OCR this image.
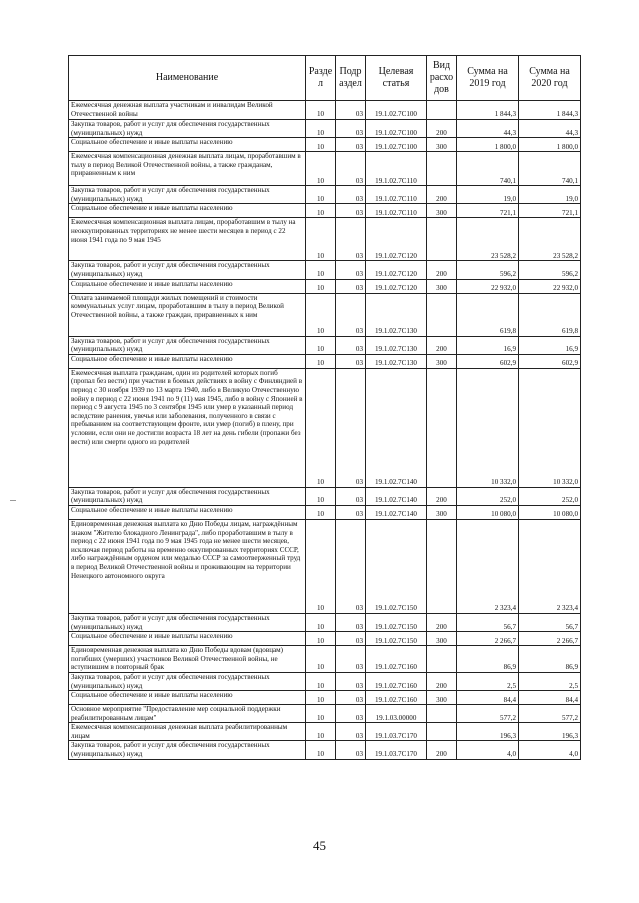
Наименование	Разде л	Подр аздел	Целевая статья	Вид расхо дов	Сумма на 2019 год	Сумма на 2020 год
Ежемесячная денежная выплата участникам и инвалидам Великой Отечественной войны	10	03	19.1.02.7С100		1 844,3	1 844,3
Закупка товаров, работ и услуг для обеспечения государственных (муниципальных) нужд	10	03	19.1.02.7С100	200	44,3	44,3
Социальное обеспечение и иные выплаты населению	10	03	19.1.02.7С100	300	1 800,0	1 800,0
Ежемесячная компенсационная денежная выплата лицам, проработавшим в тылу в период Великой Отечественной войны, а также гражданам, приравненным к ним	10	03	19.1.02.7С110		740,1	740,1
Закупка товаров, работ и услуг для обеспечения государственных (муниципальных) нужд	10	03	19.1.02.7С110	200	19,0	19,0
Социальное обеспечение и иные выплаты населению	10	03	19.1.02.7С110	300	721,1	721,1
Ежемесячная компенсационная выплата лицам, проработавшим в тылу на неоккупированных территориях не менее шести месяцев в период с 22 июня 1941 года по 9 мая 1945	10	03	19.1.02.7С120		23 528,2	23 528,2
Закупка товаров, работ и услуг для обеспечения государственных (муниципальных) нужд	10	03	19.1.02.7С120	200	596,2	596,2
Социальное обеспечение и иные выплаты населению	10	03	19.1.02.7С120	300	22 932,0	22 932,0
Оплата занимаемой площади жилых помещений и стоимости коммунальных услуг лицам, проработавшим в тылу в период Великой Отечественной войны, а также граждан, приравненных к ним	10	03	19.1.02.7С130		619,8	619,8
Закупка товаров, работ и услуг для обеспечения государственных (муниципальных) нужд	10	03	19.1.02.7С130	200	16,9	16,9
Социальное обеспечение и иные выплаты населению	10	03	19.1.02.7С130	300	602,9	602,9
Ежемесячная выплата гражданам, один из родителей которых погиб (пропал без вести) при участии в боевых действиях в войну с Финляндией в период с 30 ноября 1939 по 13 марта 1940, либо в Великую Отечественную войну в период с 22 июня 1941 по 9 (11) мая 1945, либо в войну с Японией в период с 9 августа 1945 по 3 сентября 1945 или умер в указанный период вследствие ранения, увечья или заболевания, полученного в связи с пребыванием на соответствующем фронте, или умер (погиб) в плену, при условии, если они не достигли возраста 18 лет на день гибели (пропажи без вести) или смерти одного из родителей	10	03	19.1.02.7С140		10 332,0	10 332,0
Закупка товаров, работ и услуг для обеспечения государственных (муниципальных) нужд	10	03	19.1.02.7С140	200	252,0	252,0
Социальное обеспечение и иные выплаты населению	10	03	19.1.02.7С140	300	10 080,0	10 080,0
Единовременная денежная выплата ко Дню Победы лицам, награждённым знаком "Жителю блокадного Ленинграда", либо проработавшим в тылу в период с 22 июня 1941 года по 9 мая 1945 года не менее шести месяцев, исключая период работы на временно оккупированных территориях СССР, либо награждённым орденом или медалью СССР за самоотверженный труд в период Великой Отечественной войны и проживающим на территории Ненецкого автономного округа	10	03	19.1.02.7С150		2 323,4	2 323,4
Закупка товаров, работ и услуг для обеспечения государственных (муниципальных) нужд	10	03	19.1.02.7С150	200	56,7	56,7
Социальное обеспечение и иные выплаты населению	10	03	19.1.02.7С150	300	2 266,7	2 266,7
Единовременная денежная выплата ко Дню Победы вдовам (вдовцам) погибших (умерших) участников Великой Отечественной войны, не вступившим в повторный брак	10	03	19.1.02.7С160		86,9	86,9
Закупка товаров, работ и услуг для обеспечения государственных (муниципальных) нужд	10	03	19.1.02.7С160	200	2,5	2,5
Социальное обеспечение и иные выплаты населению	10	03	19.1.02.7С160	300	84,4	84,4
Основное мероприятие "Предоставление мер социальной поддержки реабилитированным лицам"	10	03	19.1.03.00000		577,2	577,2
Ежемесячная компенсационная денежная выплата реабилитированным лицам	10	03	19.1.03.7С170		196,3	196,3
Закупка товаров, работ и услуг для обеспечения государственных (муниципальных) нужд	10	03	19.1.03.7С170	200	4,0	4,0
45
